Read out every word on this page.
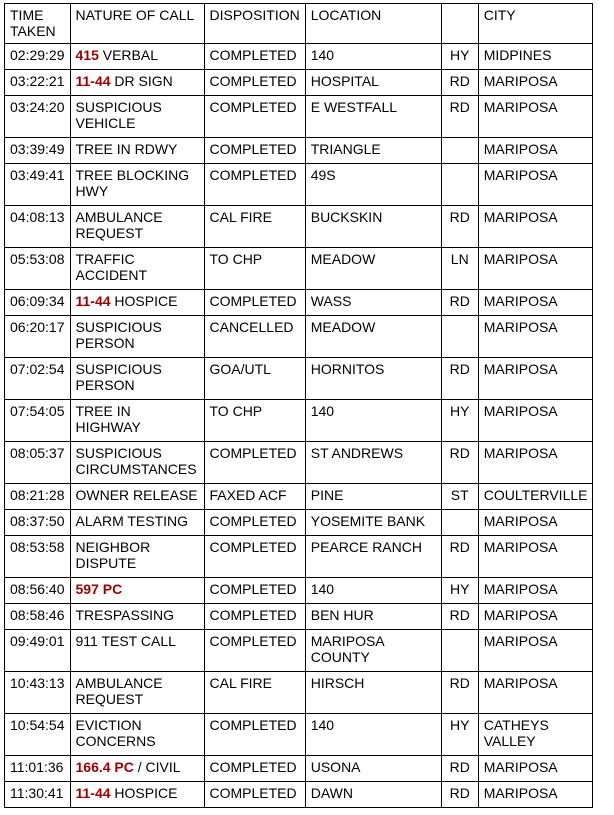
TIME TAKEN	NATURE OF CALL	DISPOSITION	LOCATION		CITY
02:29:29	415 VERBAL	COMPLETED	140	HY	MIDPINES
03:22:21	11-44 DR SIGN	COMPLETED	HOSPITAL	RD	MARIPOSA
03:24:20	SUSPICIOUS VEHICLE	COMPLETED	E WESTFALL	RD	MARIPOSA
03:39:49	TREE IN RDWY	COMPLETED	TRIANGLE		MARIPOSA
03:49:41	TREE BLOCKING HWY	COMPLETED	49S		MARIPOSA
04:08:13	AMBULANCE REQUEST	CAL FIRE	BUCKSKIN	RD	MARIPOSA
05:53:08	TRAFFIC ACCIDENT	TO CHP	MEADOW	LN	MARIPOSA
06:09:34	11-44 HOSPICE	COMPLETED	WASS	RD	MARIPOSA
06:20:17	SUSPICIOUS PERSON	CANCELLED	MEADOW		MARIPOSA
07:02:54	SUSPICIOUS PERSON	GOA/UTL	HORNITOS	RD	MARIPOSA
07:54:05	TREE IN HIGHWAY	TO CHP	140	HY	MARIPOSA
08:05:37	SUSPICIOUS CIRCUMSTANCES	COMPLETED	ST ANDREWS	RD	MARIPOSA
08:21:28	OWNER RELEASE	FAXED ACF	PINE	ST	COULTERVILLE
08:37:50	ALARM TESTING	COMPLETED	YOSEMITE BANK		MARIPOSA
08:53:58	NEIGHBOR DISPUTE	COMPLETED	PEARCE RANCH	RD	MARIPOSA
08:56:40	597 PC	COMPLETED	140	HY	MARIPOSA
08:58:46	TRESPASSING	COMPLETED	BEN HUR	RD	MARIPOSA
09:49:01	911 TEST CALL	COMPLETED	MARIPOSA COUNTY		MARIPOSA
10:43:13	AMBULANCE REQUEST	CAL FIRE	HIRSCH	RD	MARIPOSA
10:54:54	EVICTION CONCERNS	COMPLETED	140	HY	CATHEYS VALLEY
11:01:36	166.4 PC / CIVIL	COMPLETED	USONA	RD	MARIPOSA
11:30:41	11-44 HOSPICE	COMPLETED	DAWN	RD	MARIPOSA
